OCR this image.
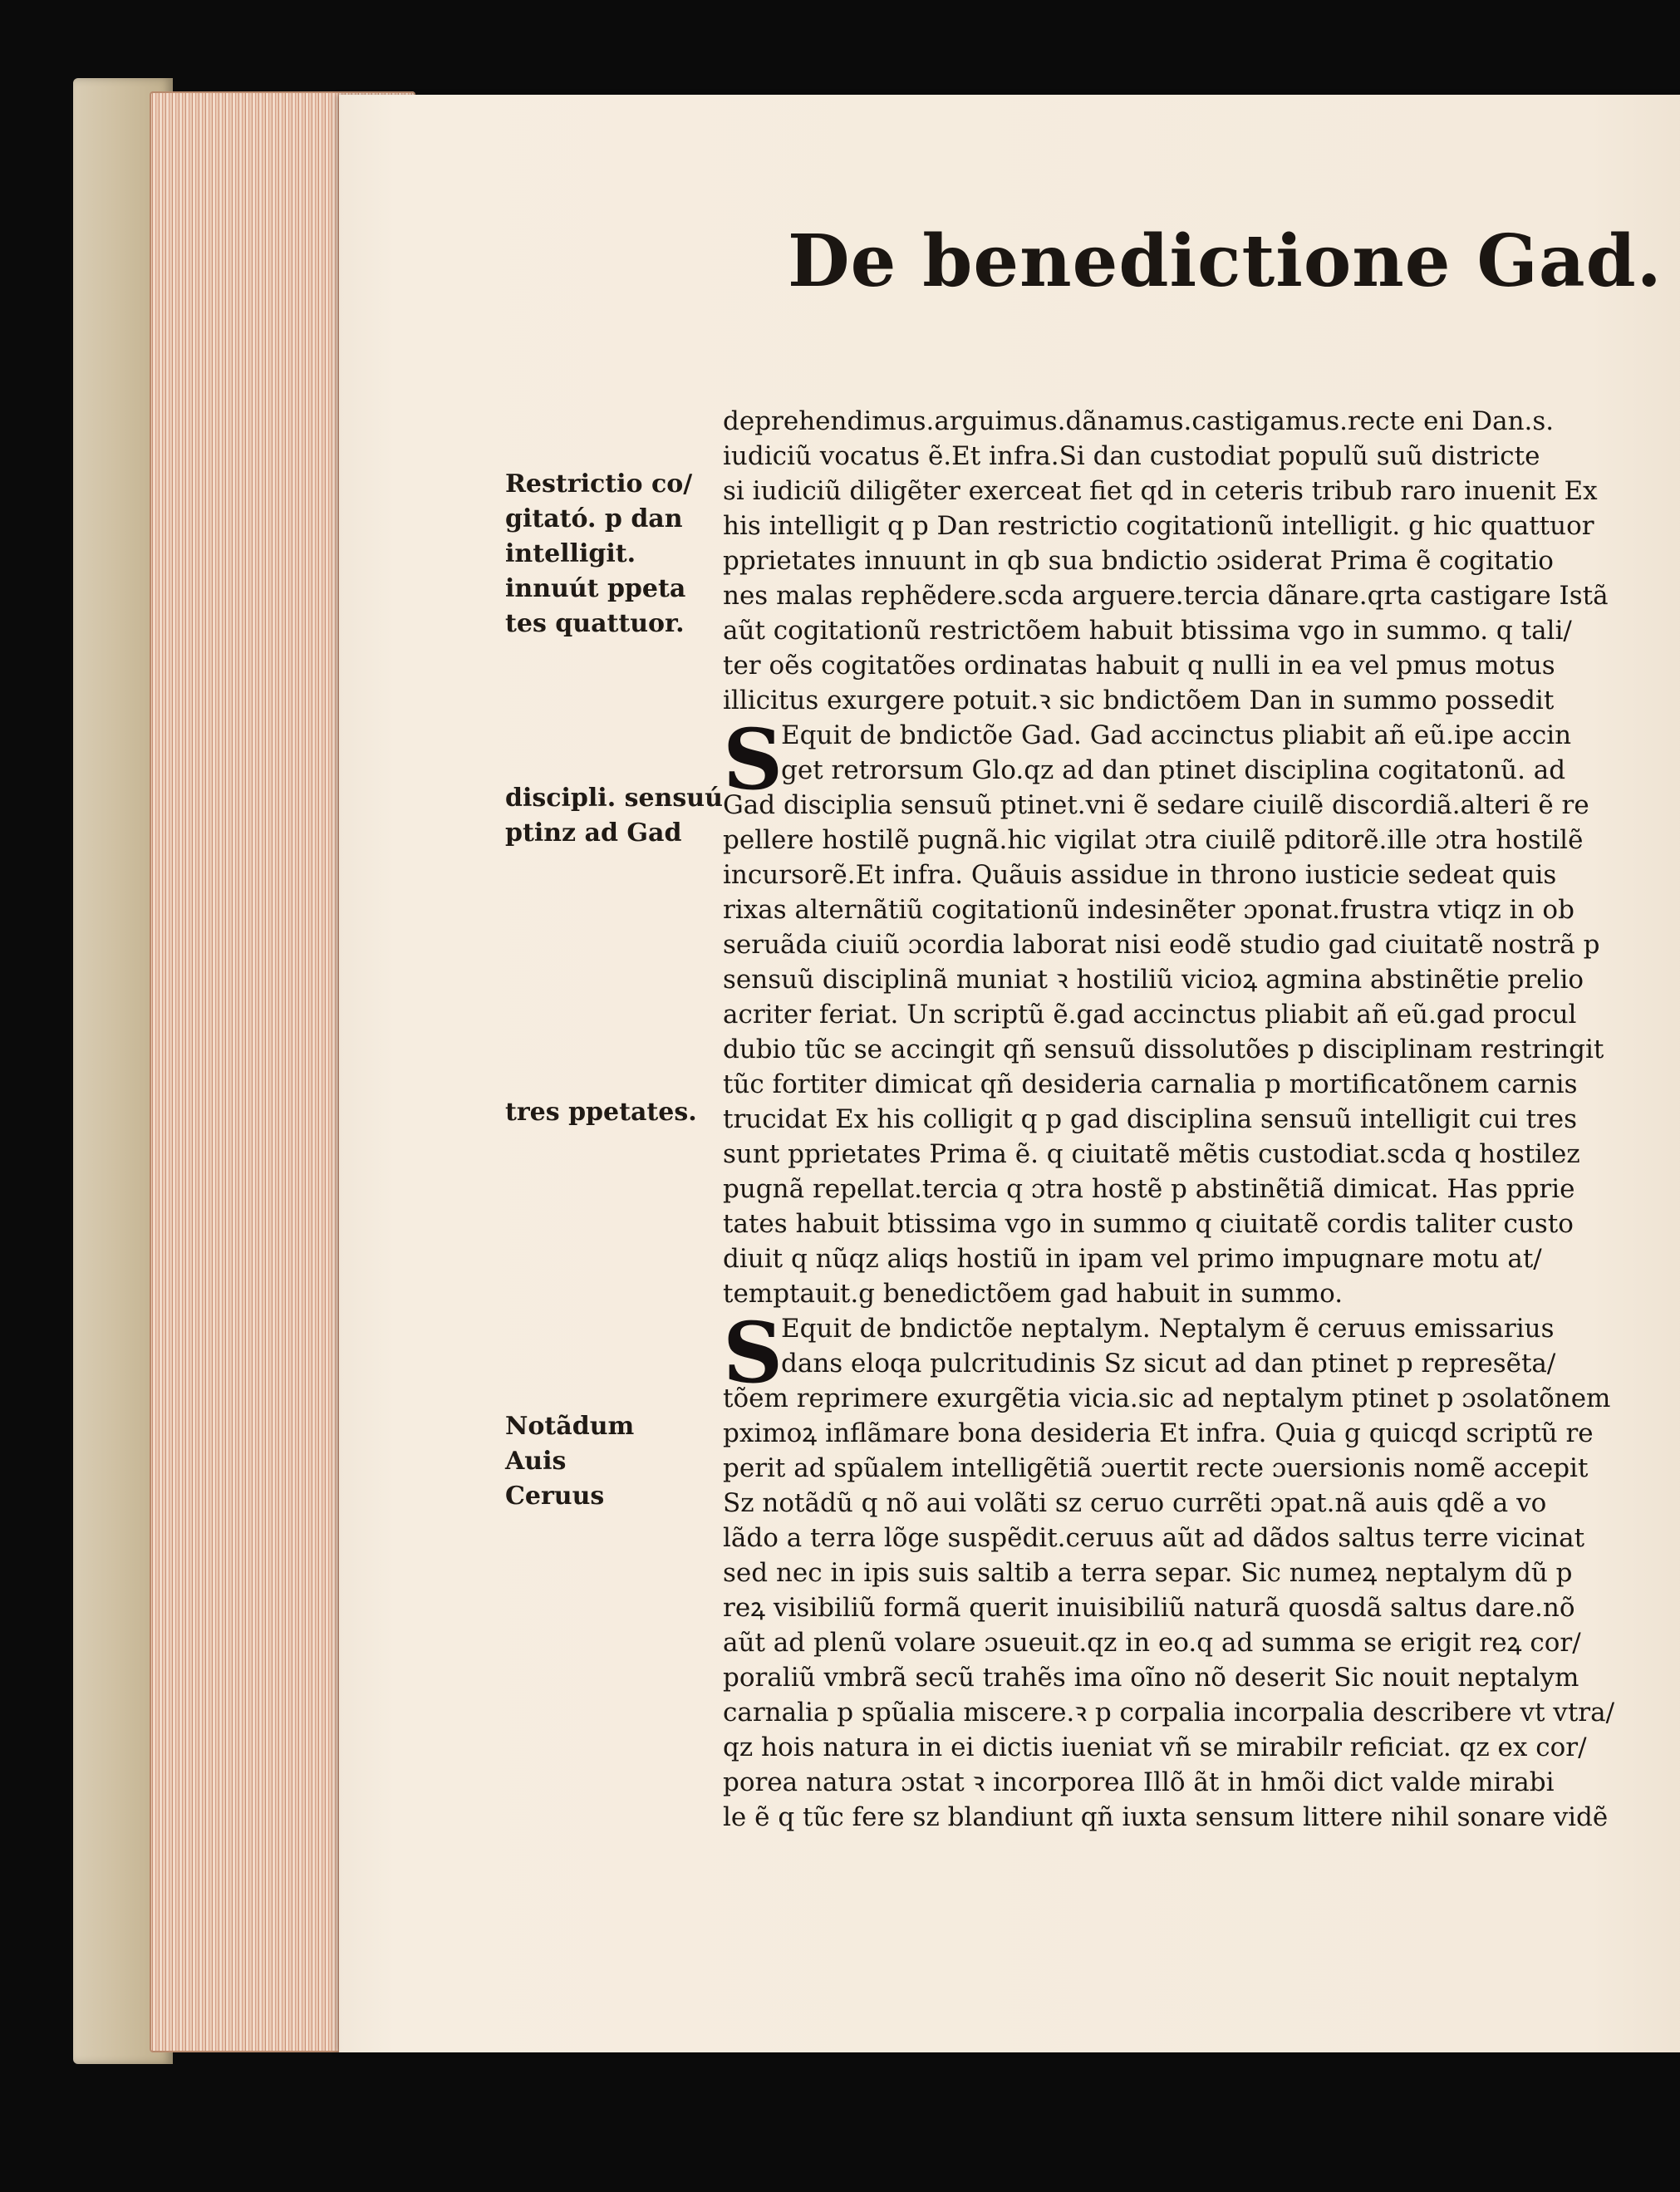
De benedictione Gad.

Restrictio co/
gitató. p dan
intelligit.

innuút ppeta
tes quattuor.

discipli. sensuú
ptinz ad Gad

tres ppetates.

Notãdum
Auis
Ceruus

S
S

deprehendimus.arguimus.dãnamus.castigamus.recte eni Dan.s.

iudiciũ vocatus ẽ.Et infra.Si dan custodiat populũ suũ districte

si iudiciũ diligẽter exerceat fiet qd in ceteris tribub raro inuenit Ex

his intelligit q p Dan restrictio cogitationũ intelligit. g hic quattuor

pprietates innuunt in qb sua bndictio ɔsiderat Prima ẽ cogitatio

nes malas rephẽdere.scda arguere.tercia dãnare.qrta castigare Istã

aũt cogitationũ restrictõem habuit btissima vgo in summo. q tali/

ter oẽs cogitatões ordinatas habuit q nulli in ea vel pmus motus

illicitus exurgere potuit.ꝛ sic bndictõem Dan in summo possedit

Equit de bndictõe Gad. Gad accinctus pliabit añ eũ.ipe accin

get retrorsum Glo.qz ad dan ptinet disciplina cogitatonũ. ad

Gad disciplia sensuũ ptinet.vni ẽ sedare ciuilẽ discordiã.alteri ẽ re

pellere hostilẽ pugnã.hic vigilat ɔtra ciuilẽ pditorẽ.ille ɔtra hostilẽ

incursorẽ.Et infra. Quãuis assidue in throno iusticie sedeat quis

rixas alternãtiũ cogitationũ indesinẽter ɔponat.frustra vtiqz in ob

seruãda ciuiũ ɔcordia laborat nisi eodẽ studio gad ciuitatẽ nostrã p

sensuũ disciplinã muniat ꝛ hostiliũ vicioꝝ agmina abstinẽtie prelio

acriter feriat. Un scriptũ ẽ.gad accinctus pliabit añ eũ.gad procul

dubio tũc se accingit qñ sensuũ dissolutões p disciplinam restringit

tũc fortiter dimicat qñ desideria carnalia p mortificatõnem carnis

trucidat Ex his colligit q p gad disciplina sensuũ intelligit cui tres

sunt pprietates Prima ẽ. q ciuitatẽ mẽtis custodiat.scda q hostilez

pugnã repellat.tercia q ɔtra hostẽ p abstinẽtiã dimicat. Has pprie

tates habuit btissima vgo in summo q ciuitatẽ cordis taliter custo

diuit q nũqz aliqs hostiũ in ipam vel primo impugnare motu at/

temptauit.g benedictõem gad habuit in summo.

Equit de bndictõe neptalym. Neptalym ẽ ceruus emissarius

dans eloqa pulcritudinis Sz sicut ad dan ptinet p represẽta/

tõem reprimere exurgẽtia vicia.sic ad neptalym ptinet p ɔsolatõnem

pximoꝝ inflãmare bona desideria Et infra. Quia g quicqd scriptũ re

perit ad spũalem intelligẽtiã ɔuertit recte ɔuersionis nomẽ accepit

Sz notãdũ q nõ aui volãti sz ceruo currẽti ɔpat.nã auis qdẽ a vo

lãdo a terra lõge suspẽdit.ceruus aũt ad dãdos saltus terre vicinat

sed nec in ipis suis saltib a terra separ. Sic numeꝝ neptalym dũ p

reꝝ visibiliũ formã querit inuisibiliũ naturã quosdã saltus dare.nõ

aũt ad plenũ volare ɔsueuit.qz in eo.q ad summa se erigit reꝝ cor/

poraliũ vmbrã secũ trahẽs ima oĩno nõ deserit Sic nouit neptalym

carnalia p spũalia miscere.ꝛ p corpalia incorpalia describere vt vtra/

qz hois natura in ei dictis iueniat vñ se mirabilr reficiat. qz ex cor/

porea natura ɔstat ꝛ incorporea Illõ ãt in hmõi dict valde mirabi

le ẽ q tũc fere sz blandiunt qñ iuxta sensum littere nihil sonare vidẽ
